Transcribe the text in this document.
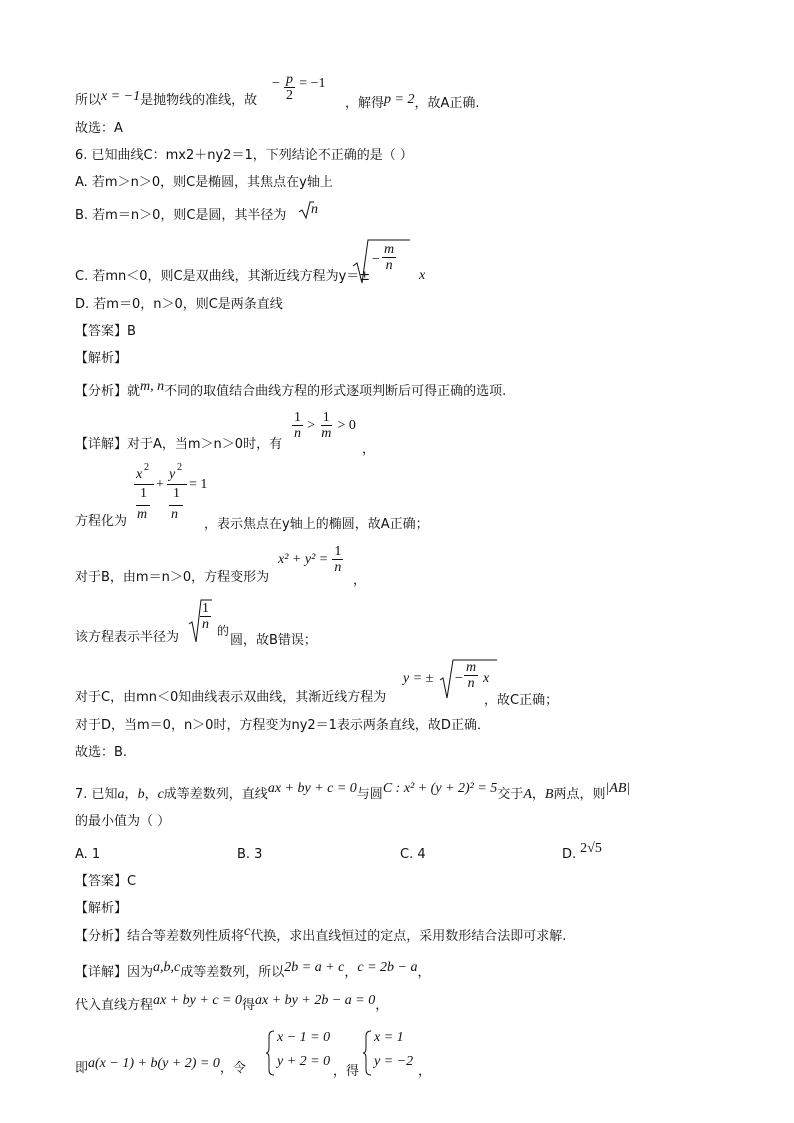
所以x = −1是抛物线的准线，故
− $\frac{p}{2} = -1$
，解得p = 2，故A正确.
故选：A
6. 已知曲线C：mx2＋ny2＝1，下列结论不正确的是（ ）
A. 若m＞n＞0，则C是椭圆，其焦点在y轴上
B. 若m＝n＞0，则C是圆，其半径为 n
C. 若mn＜0，则C是双曲线，其渐近线方程为y＝±
− $\frac{m}{n}$
x
D. 若m＝0，n＞0，则C是两条直线
【答案】B
【解析】
【分析】就m, n不同的取值结合曲线方程的形式逐项判断后可得正确的选项.
【详解】对于A，当m＞n＞0时，有
$\frac{1}{n} > \frac{1}{m} > 0$
，
方程化为
x 2
1
m
+
y 2
1
n
= 1
，表示焦点在y轴上的椭圆，故A正确；
对于B，由m＝n＞0，方程变形为
$x^2 + y^2 = \frac{1}{n}$
，
该方程表示半径为
$\frac{1}{n}$ 的
圆，故B错误；
对于C，由mn＜0知曲线表示双曲线，其渐近线方程为
y = ± − $\frac{m}{n}$ x
，故C正确；
对于D，当m＝0，n＞0时，方程变为ny2＝1表示两条直线，故D正确．
故选：B.
7. 已知a，b，c成等差数列，直线ax + by + c = 0与圆C : x² + (y + 2)² = 5交于A，B两点，则|AB|
的最小值为（ ）
A. 1	B. 3	C. 4	D. 2√5
【答案】C
【解析】
【分析】结合等差数列性质将c代换，求出直线恒过的定点，采用数形结合法即可求解.
【详解】因为a,b,c成等差数列，所以2b = a + c，c = 2b − a，
代入直线方程ax + by + c = 0得ax + by + 2b − a = 0，
即a(x − 1) + b(y + 2) = 0，令
x − 1 = 0
y + 2 = 0
，得
x = 1
y = −2
，
